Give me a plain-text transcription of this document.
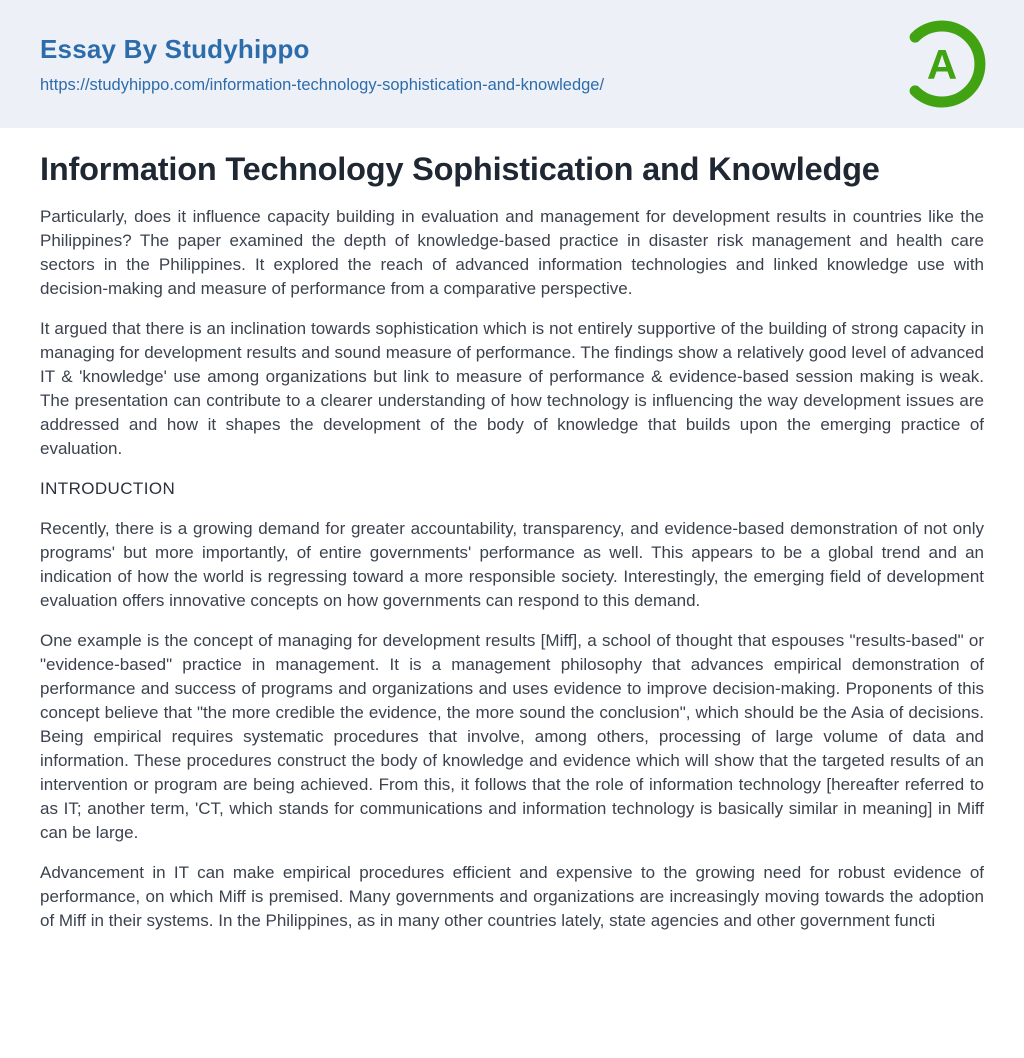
Essay By Studyhippo
https://studyhippo.com/information-technology-sophistication-and-knowledge/	A
Information Technology Sophistication and Knowledge

Particularly, does it influence capacity building in evaluation and management for development results in countries like the Philippines? The paper examined the depth of knowledge-based practice in disaster risk management and health care sectors in the Philippines. It explored the reach of advanced information technologies and linked knowledge use with decision-making and measure of performance from a comparative perspective.

It argued that there is an inclination towards sophistication which is not entirely supportive of the building of strong capacity in managing for development results and sound measure of performance. The findings show a relatively good level of advanced IT & 'knowledge' use among organizations but link to measure of performance & evidence-based session making is weak. The presentation can contribute to a clearer understanding of how technology is influencing the way development issues are addressed and how it shapes the development of the body of knowledge that builds upon the emerging practice of evaluation.

INTRODUCTION

Recently, there is a growing demand for greater accountability, transparency, and evidence-based demonstration of not only programs' but more importantly, of entire governments' performance as well. This appears to be a global trend and an indication of how the world is regressing toward a more responsible society. Interestingly, the emerging field of development evaluation offers innovative concepts on how governments can respond to this demand.

One example is the concept of managing for development results [Miff], a school of thought that espouses "results-based" or "evidence-based" practice in management. It is a management philosophy that advances empirical demonstration of performance and success of programs and organizations and uses evidence to improve decision-making. Proponents of this concept believe that "the more credible the evidence, the more sound the conclusion", which should be the Asia of decisions. Being empirical requires systematic procedures that involve, among others, processing of large volume of data and information. These procedures construct the body of knowledge and evidence which will show that the targeted results of an intervention or program are being achieved. From this, it follows that the role of information technology [hereafter referred to as IT; another term, 'CT, which stands for communications and information technology is basically similar in meaning] in Miff can be large.

Advancement in IT can make empirical procedures efficient and expensive to the growing need for robust evidence of performance, on which Miff is premised. Many governments and organizations are increasingly moving towards the adoption of Miff in their systems. In the Philippines, as in many other countries lately, state agencies and other government functi
